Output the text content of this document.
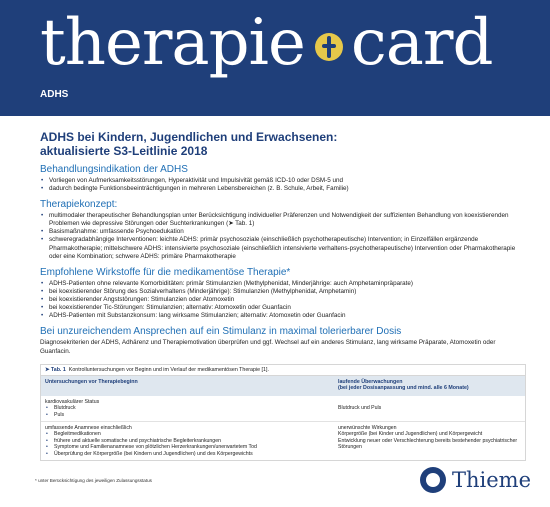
therapie card
ADHS
ADHS bei Kindern, Jugendlichen und Erwachsenen:
aktualisierte S3-Leitlinie 2018
Behandlungsindikation der ADHS
• Vorliegen von Aufmerksamkeitsstörungen, Hyperaktivität und Impulsivität gemäß ICD-10 oder DSM-5 und
• dadurch bedingte Funktionsbeeinträchtigungen in mehreren Lebensbereichen (z. B. Schule, Arbeit, Familie)
Therapiekonzept:
• multimodaler therapeutischer Behandlungsplan unter Berücksichtigung individueller Präferenzen und Notwendigkeit der suffizienten Behandlung von koexistierenden Problemen wie depressive Störungen oder Suchterkrankungen (➤ Tab. 1)
• Basismaßnahme: umfassende Psychoedukation
• schweregradabhängige Interventionen: leichte ADHS: primär psychosoziale (einschließlich psychotherapeutische) Intervention; in Einzelfällen ergänzende Pharmakotherapie; mittelschwere ADHS: intensivierte psychosoziale (einschließlich intensivierte verhaltens-psychotherapeutische) Intervention oder Pharmakotherapie oder eine Kombination; schwere ADHS: primäre Pharmakotherapie
Empfohlene Wirkstoffe für die medikamentöse Therapie*
• ADHS-Patienten ohne relevante Komorbiditäten: primär Stimulanzien (Methylphenidat, Minderjährige: auch Amphetaminpräparate)
• bei koexistierender Störung des Sozialverhaltens (Minderjährige): Stimulanzien (Methylphenidat, Amphetamin)
• bei koexistierender Angststörungen: Stimulanzien oder Atomoxetin
• bei koexistierender Tic-Störungen: Stimulanzien; alternativ: Atomoxetin oder Guanfacin
• ADHS-Patienten mit Substanzkonsum: lang wirksame Stimulanzien; alternativ: Atomoxetin oder Guanfacin
Bei unzureichendem Ansprechen auf ein Stimulanz in maximal tolerierbarer Dosis

Diagnosekriterien der ADHS, Adhärenz und Therapiemotivation überprüfen und ggf. Wechsel auf ein anderes Stimulanz, lang wirksame Präparate, Atomoxetin oder Guanfacin.

➤ Tab. 1 Kontrolluntersuchungen vor Beginn und im Verlauf der medikamentösen Therapie [1].
Untersuchungen vor Therapiebeginn	laufende Überwachungen
(bei jeder Dosisanpassung und mind. alle 6 Monate)
kardiovaskulärer Status
• Blutdruck
• Puls
Blutdruck und Puls
umfassende Anamnese einschließlich
• Begleitmedikationen
• frühere und aktuelle somatische und psychiatrische Begleiterkrankungen
• Symptome und Familienanamnese von plötzlichen Herzerkrankungen/unerwartetem Tod
• Überprüfung der Körpergröße (bei Kindern und Jugendlichen) und des Körpergewichts
unerwünschte Wirkungen
Körpergröße (bei Kinder und Jugendlichen) und Körpergewicht
Entwicklung neuer oder Verschlechterung bereits bestehender psychiatrischer Störungen
* unter Berücksichtigung des jeweiligen Zulassungsstatus	Thieme
